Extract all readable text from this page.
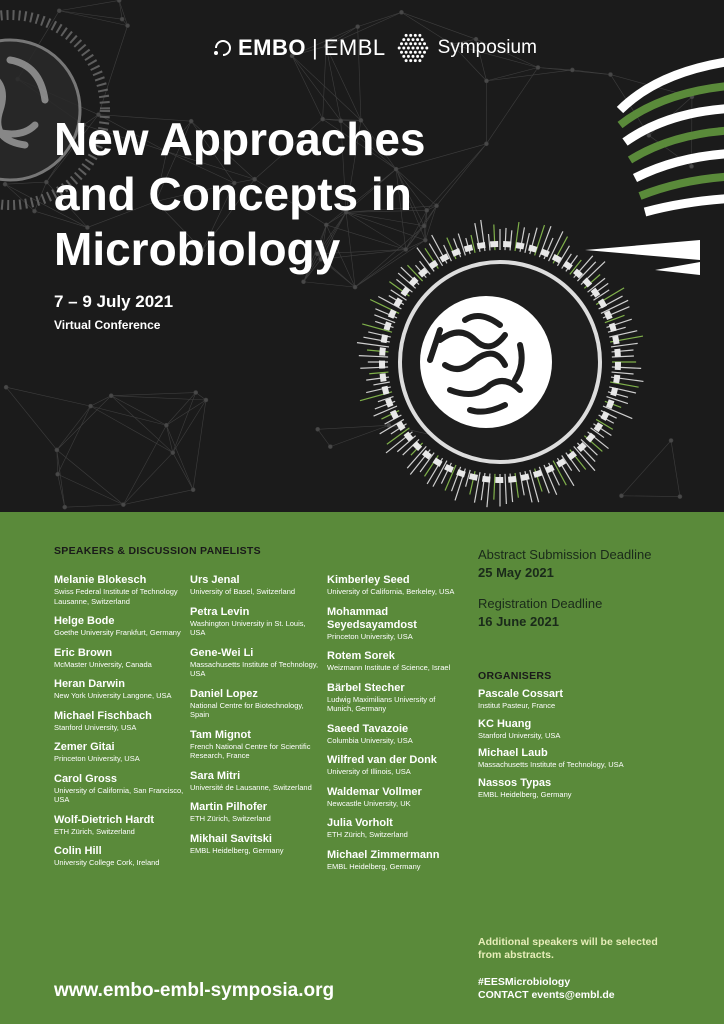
EMBO | EMBL	Symposium
New Approaches
and Concepts in
Microbiology
7 – 9 July 2021
Virtual Conference
SPEAKERS & DISCUSSION PANELISTS
Melanie Blokesch
Swiss Federal Institute of Technology Lausanne, Switzerland
Helge Bode
Goethe University Frankfurt, Germany
Eric Brown
McMaster University, Canada
Heran Darwin
New York University Langone, USA
Michael Fischbach
Stanford University, USA
Zemer Gitai
Princeton University, USA
Carol Gross
University of California, San Francisco, USA
Wolf-Dietrich Hardt
ETH Zürich, Switzerland
Colin Hill
University College Cork, Ireland
Urs Jenal
University of Basel, Switzerland
Petra Levin
Washington University in St. Louis, USA
Gene-Wei Li
Massachusetts Institute of Technology, USA
Daniel Lopez
National Centre for Biotechnology, Spain
Tam Mignot
French National Centre for Scientific Research, France
Sara Mitri
Université de Lausanne, Switzerland
Martin Pilhofer
ETH Zürich, Switzerland
Mikhail Savitski
EMBL Heidelberg, Germany
Kimberley Seed
University of California, Berkeley, USA
Mohammad Seyedsayamdost
Princeton University, USA
Rotem Sorek
Weizmann Institute of Science, Israel
Bärbel Stecher
Ludwig Maximilians University of Munich, Germany
Saeed Tavazoie
Columbia University, USA
Wilfred van der Donk
University of Illinois, USA
Waldemar Vollmer
Newcastle University, UK
Julia Vorholt
ETH Zürich, Switzerland
Michael Zimmermann
EMBL Heidelberg, Germany
Abstract Submission Deadline
25 May 2021
Registration Deadline
16 June 2021
ORGANISERS
Pascale Cossart
Institut Pasteur, France
KC Huang
Stanford University, USA
Michael Laub
Massachusetts Institute of Technology, USA
Nassos Typas
EMBL Heidelberg, Germany
Additional speakers will be selected from abstracts.
#EESMicrobiology
CONTACT events@embl.de
www.embo-embl-symposia.org
